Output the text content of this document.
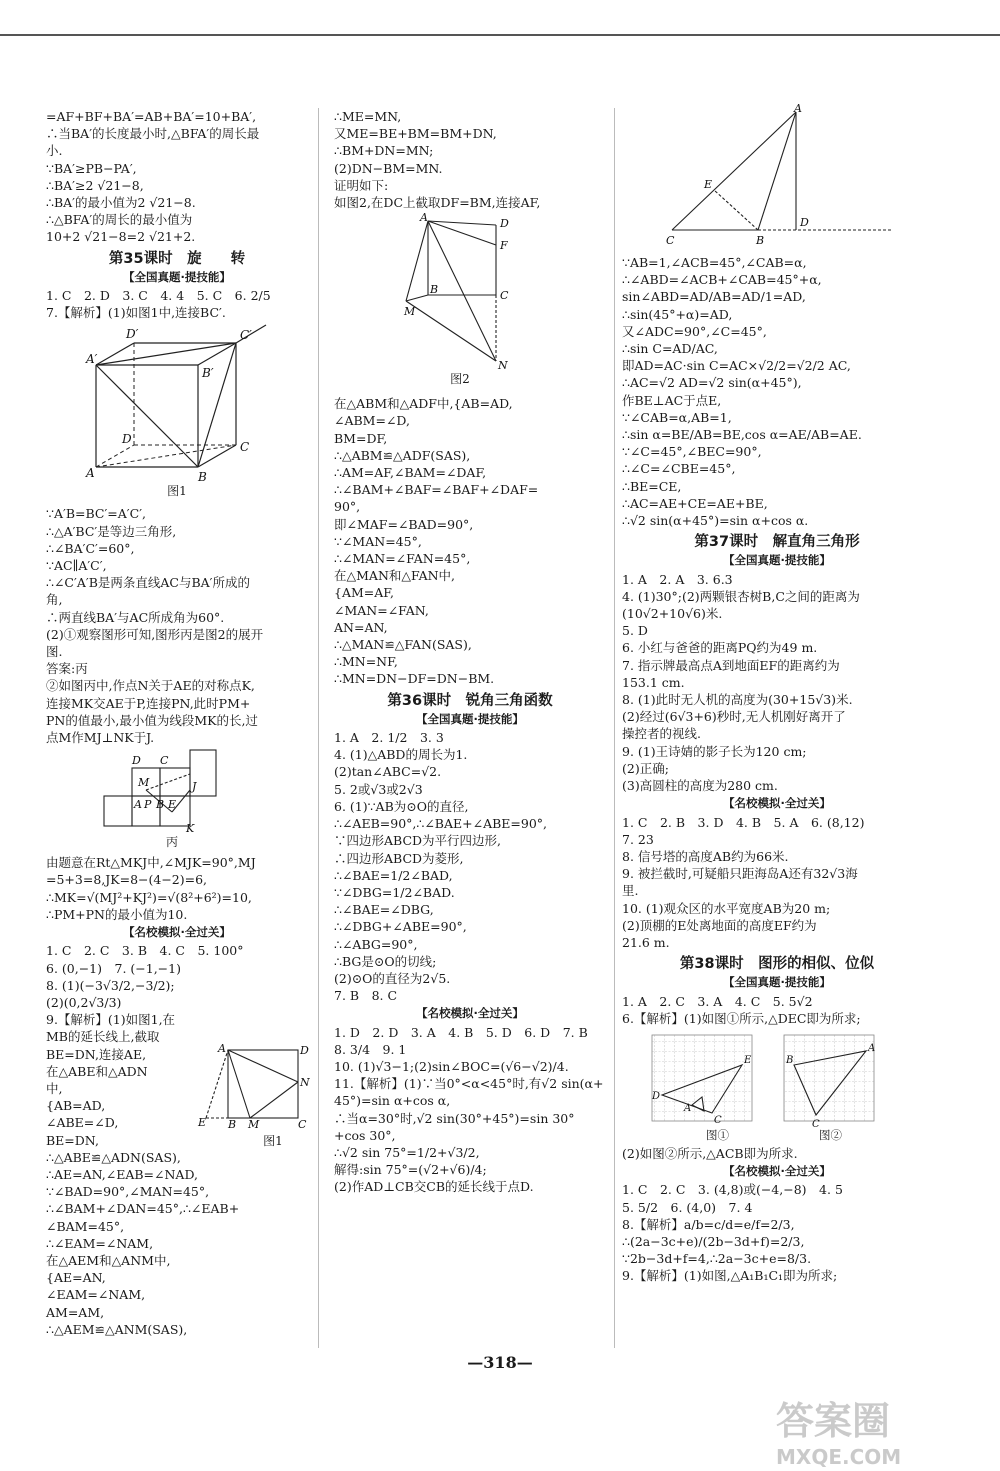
=AF+BF+BA′=AB+BA′=10+BA′,
∴当BA′的长度最小时,△BFA′的周长最
小.
∵BA′≥PB−PA′,
∴BA′≥2 √21−8,
∴BA′的最小值为2 √21−8.
∴△BFA′的周长的最小值为
10+2 √21−8=2 √21+2.
第35课时　旋　　转
【全国真题·提技能】
1. C　2. D　3. C　4. 4　5. C　6. 2/5
7.【解析】(1)如图1中,连接BC′.
D′	C′
A′
B′
D
C
A	B
图1
∵A′B=BC′=A′C′,
∴△A′BC′是等边三角形,
∴∠BA′C′=60°,
∵AC∥A′C′,
∴∠C′A′B是两条直线AC与BA′所成的
角,
∴两直线BA′与AC所成角为60°.
(2)①观察图形可知,图形丙是图2的展开
图.
答案:丙
②如图丙中,作点N关于AE的对称点K,
连接MK交AE于P,连接PN,此时PM+
PN的值最小,最小值为线段MK的长,过
点M作MJ⊥NK于J.
D C
M	J
A P B E
K
丙
由题意在Rt△MKJ中,∠MJK=90°,MJ
=5+3=8,JK=8−(4−2)=6,
∴MK=√(MJ²+KJ²)=√(8²+6²)=10,
∴PM+PN的最小值为10.
【名校模拟·全过关】
1. C　2. C　3. B　4. C　5. 100°
6. (0,−1)　7. (−1,−1)
8. (1)(−3√3/2,−3/2);
(2)(0,2√3/3)
9.【解析】(1)如图1,在
MB的延长线上,截取
BE=DN,连接AE,
在△ABE和△ADN
中,
{AB=AD,
∠ABE=∠D,
BE=DN,
∴△ABE≌△ADN(SAS),
∴AE=AN,∠EAB=∠NAD,
∵∠BAD=90°,∠MAN=45°,
∴∠BAM+∠DAN=45°,∴∠EAB+
∠BAM=45°,
∴∠EAM=∠NAM,
在△AEM和△ANM中,
{AE=AN,
∠EAM=∠NAM,
AM=AM,
∴△AEM≌△ANM(SAS),
A	D
N
E B M	C
图1
∴ME=MN,
又ME=BE+BM=BM+DN,
∴BM+DN=MN;
(2)DN−BM=MN.
证明如下:
如图2,在DC上截取DF=BM,连接AF,
A	D
F
M
B	C
N
图2
在△ABM和△ADF中,{AB=AD,
∠ABM=∠D,
BM=DF,
∴△ABM≌△ADF(SAS),
∴AM=AF,∠BAM=∠DAF,
∴∠BAM+∠BAF=∠BAF+∠DAF=
90°,
即∠MAF=∠BAD=90°,
∵∠MAN=45°,
∴∠MAN=∠FAN=45°,
在△MAN和△FAN中,
{AM=AF,
∠MAN=∠FAN,
AN=AN,
∴△MAN≌△FAN(SAS),
∴MN=NF,
∴MN=DN−DF=DN−BM.
第36课时　锐角三角函数
【全国真题·提技能】
1. A　2. 1/2　3. 3
4. (1)△ABD的周长为1.
(2)tan∠ABC=√2.
5. 2或√3或2√3
6. (1)∵AB为⊙O的直径,
∴∠AEB=90°,∴∠BAE+∠ABE=90°,
∵四边形ABCD为平行四边形,
∴四边形ABCD为菱形,
∴∠BAE=1/2∠BAD,
∵∠DBG=1/2∠BAD.
∴∠BAE=∠DBG,
∴∠DBG+∠ABE=90°,
∴∠ABG=90°,
∴BG是⊙O的切线;
(2)⊙O的直径为2√5.
7. B　8. C
【名校模拟·全过关】
1. D　2. D　3. A　4. B　5. D　6. D　7. B
8. 3/4　9. 1
10. (1)√3−1;(2)sin∠BOC=(√6−√2)/4.
11.【解析】(1)∵当0°<α<45°时,有√2 sin(α+
45°)=sin α+cos α,
∴当α=30°时,√2 sin(30°+45°)=sin 30°
+cos 30°,
∴√2 sin 75°=1/2+√3/2,
解得:sin 75°=(√2+√6)/4;
(2)作AD⊥CB交CB的延长线于点D.
A
E
C	B
D
∵AB=1,∠ACB=45°,∠CAB=α,
∴∠ABD=∠ACB+∠CAB=45°+α,
sin∠ABD=AD/AB=AD/1=AD,
∴sin(45°+α)=AD,
又∠ADC=90°,∠C=45°,
∴sin C=AD/AC,
即AD=AC·sin C=AC×√2/2=√2/2 AC,
∴AC=√2 AD=√2 sin(α+45°),
作BE⊥AC于点E,
∵∠CAB=α,AB=1,
∴sin α=BE/AB=BE,cos α=AE/AB=AE.
∵∠C=45°,∠BEC=90°,
∴∠C=∠CBE=45°,
∴BE=CE,
∴AC=AE+CE=AE+BE,
∴√2 sin(α+45°)=sin α+cos α.
第37课时　解直角三角形
【全国真题·提技能】
1. A　2. A　3. 6.3
4. (1)30°;(2)两颗银杏树B,C之间的距离为
(10√2+10√6)米.
5. D
6. 小红与爸爸的距离PQ约为49 m.
7. 指示牌最高点A到地面EF的距离约为
153.1 cm.
8. (1)此时无人机的高度为(30+15√3)米.
(2)经过(6√3+6)秒时,无人机刚好离开了
操控者的视线.
9. (1)王诗婧的影子长为120 cm;
(2)正确;
(3)高圆柱的高度为280 cm.
【名校模拟·全过关】
1. C　2. B　3. D　4. B　5. A　6. (8,12)
7. 23
8. 信号塔的高度AB约为66米.
9. 被拦截时,可疑船只距海岛A还有32√3海
里.
10. (1)观众区的水平宽度AB为20 m;
(2)顶棚的E处离地面的高度EF约为
21.6 m.
第38课时　图形的相似、位似
【全国真题·提技能】
1. A　2. C　3. A　4. C　5. 5√2
6.【解析】(1)如图①所示,△DEC即为所求;
E
D
A
C
A
B
C
图①	图②
(2)如图②所示,△ACB即为所求.
【名校模拟·全过关】
1. C　2. C　3. (4,8)或(−4,−8)　4. 5
5. 5/2　6. (4,0)　7. 4
8.【解析】a/b=c/d=e/f=2/3,
∴(2a−3c+e)/(2b−3d+f)=2/3,
∵2b−3d+f=4,∴2a−3c+e=8/3.
9.【解析】(1)如图,△A₁B₁C₁即为所求;
—318—
答案圈
MXQE.COM
